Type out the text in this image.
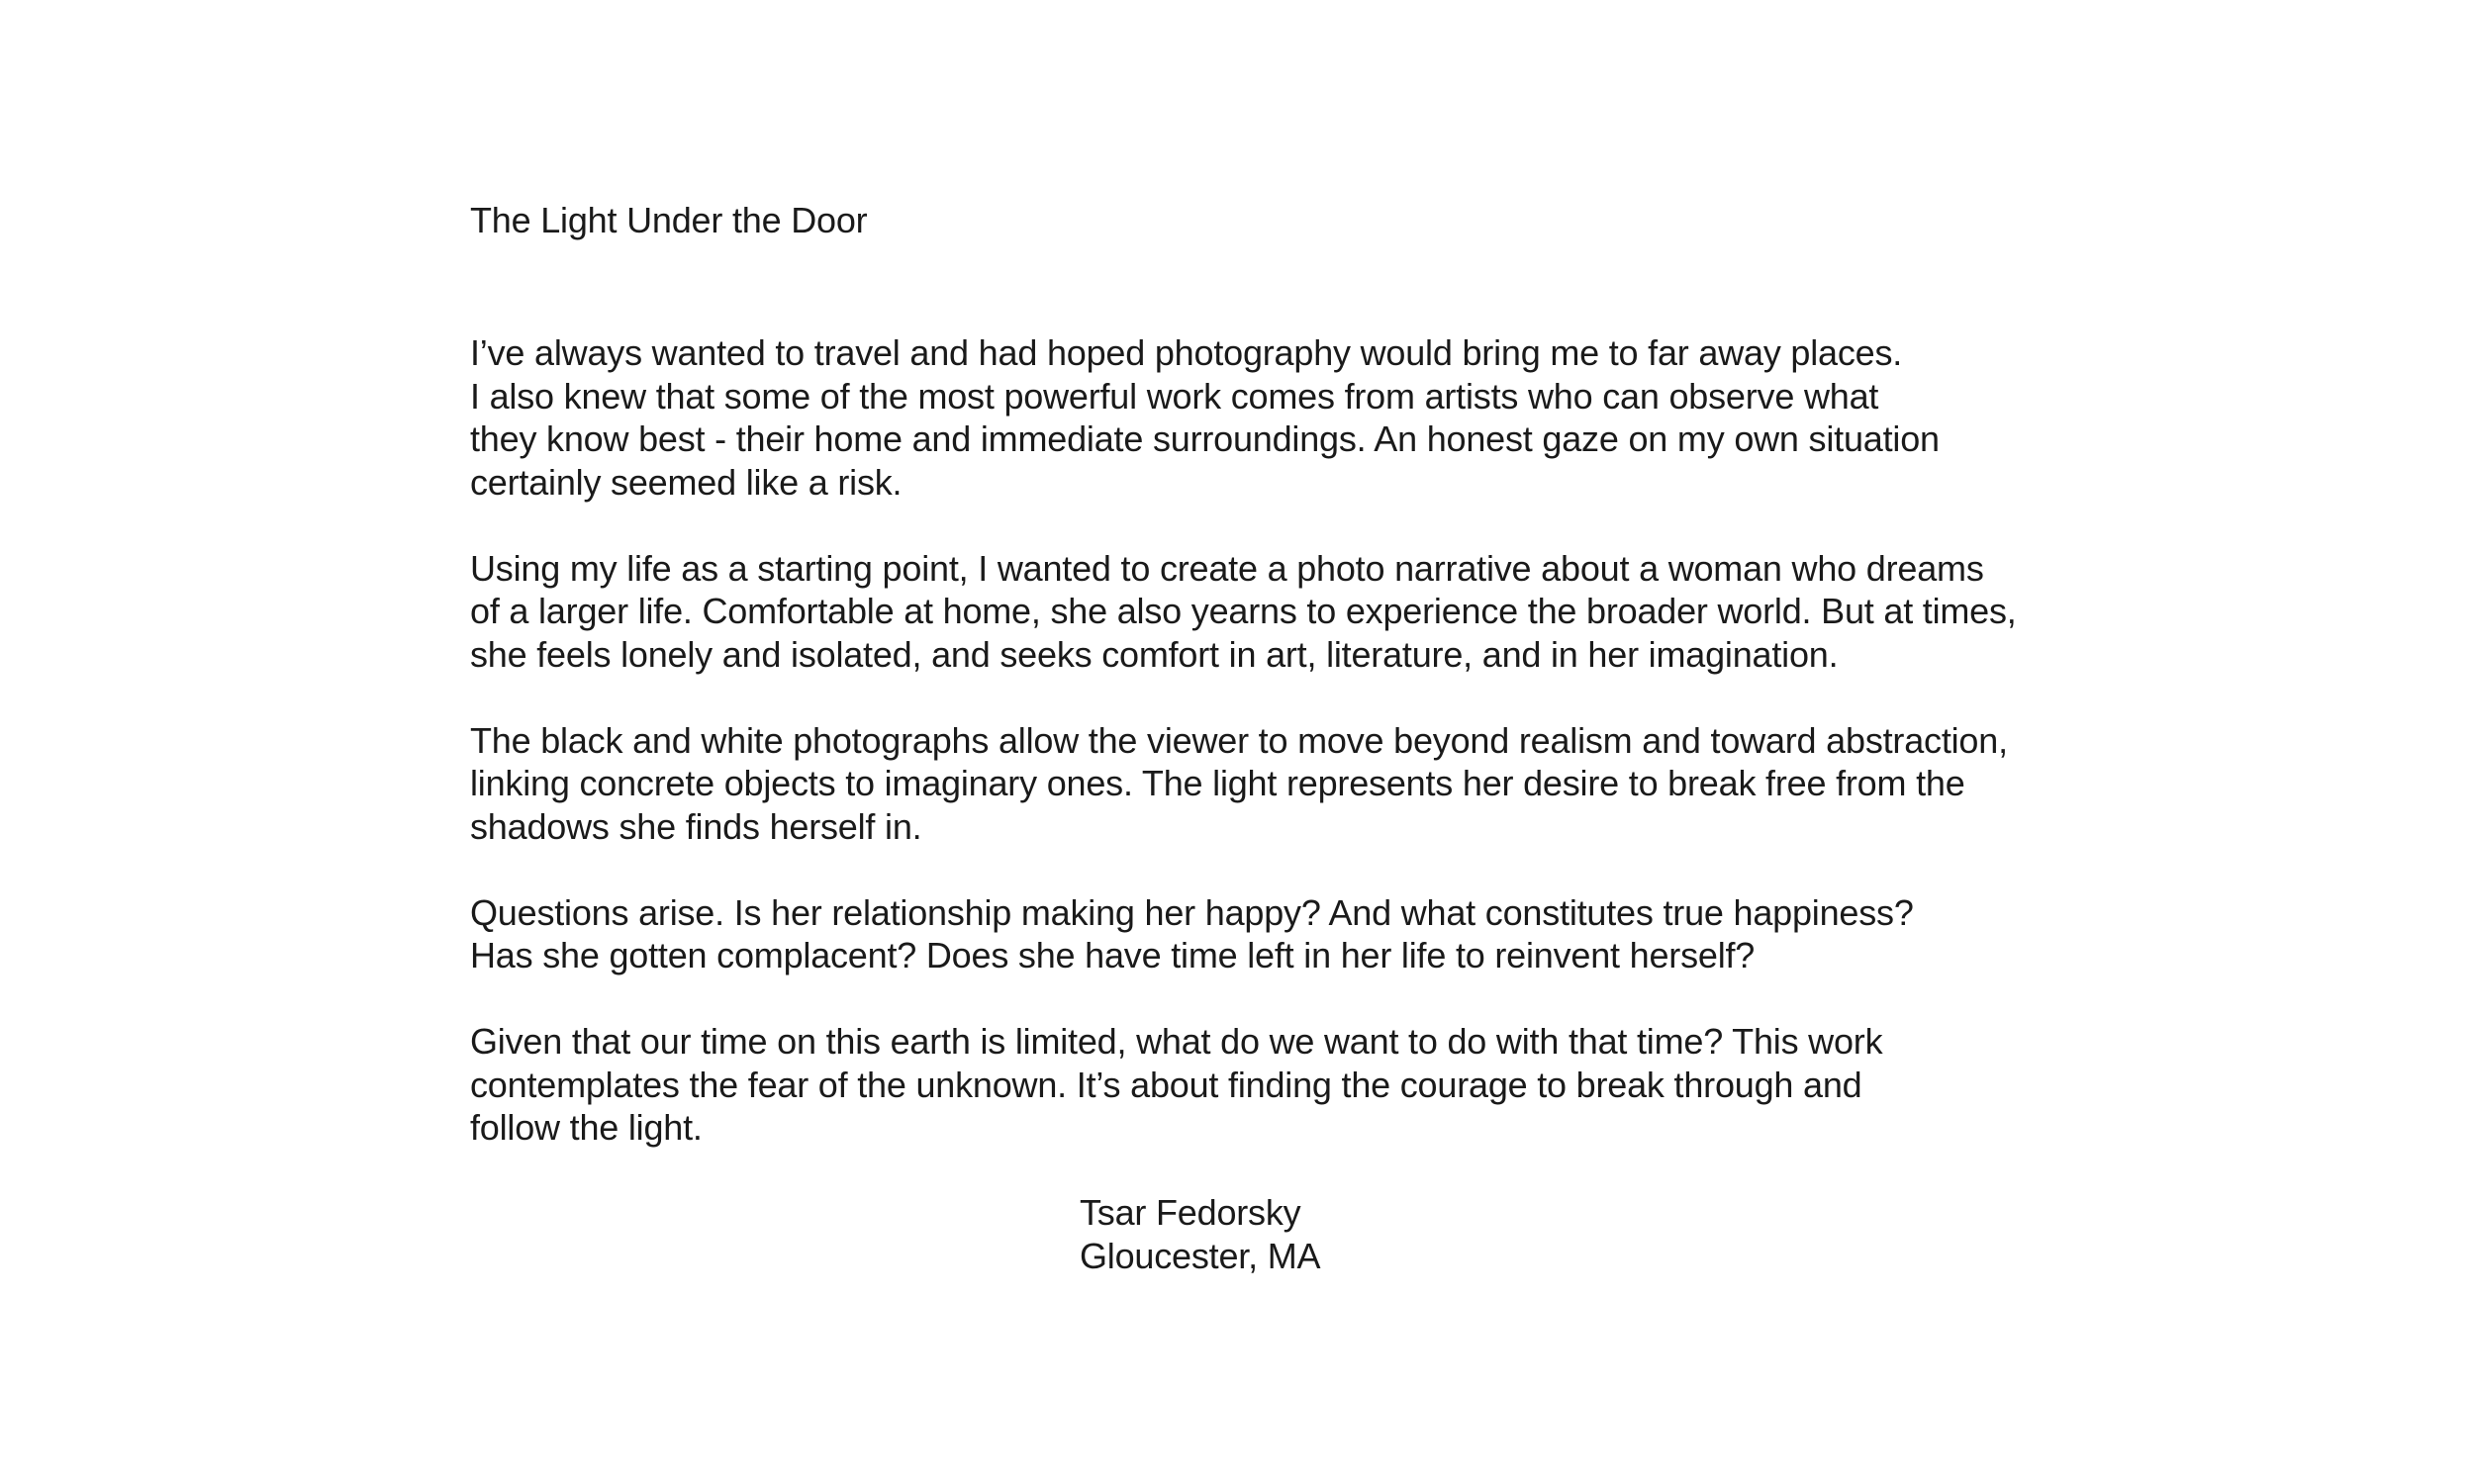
The Light Under the Door

I’ve always wanted to travel and had hoped photography would bring me to far away places.
I also knew that some of the most powerful work comes from artists who can observe what
they know best - their home and immediate surroundings. An honest gaze on my own situation
certainly seemed like a risk.

Using my life as a starting point, I wanted to create a photo narrative about a woman who dreams
of a larger life. Comfortable at home, she also yearns to experience the broader world. But at times,
she feels lonely and isolated, and seeks comfort in art, literature, and in her imagination.

The black and white photographs allow the viewer to move beyond realism and toward abstraction,
linking concrete objects to imaginary ones. The light represents her desire to break free from the
shadows she finds herself in.

Questions arise. Is her relationship making her happy? And what constitutes true happiness?
Has she gotten complacent? Does she have time left in her life to reinvent herself?

Given that our time on this earth is limited, what do we want to do with that time? This work
contemplates the fear of the unknown. It’s about finding the courage to break through and
follow the light.

Tsar Fedorsky
Gloucester, MA
